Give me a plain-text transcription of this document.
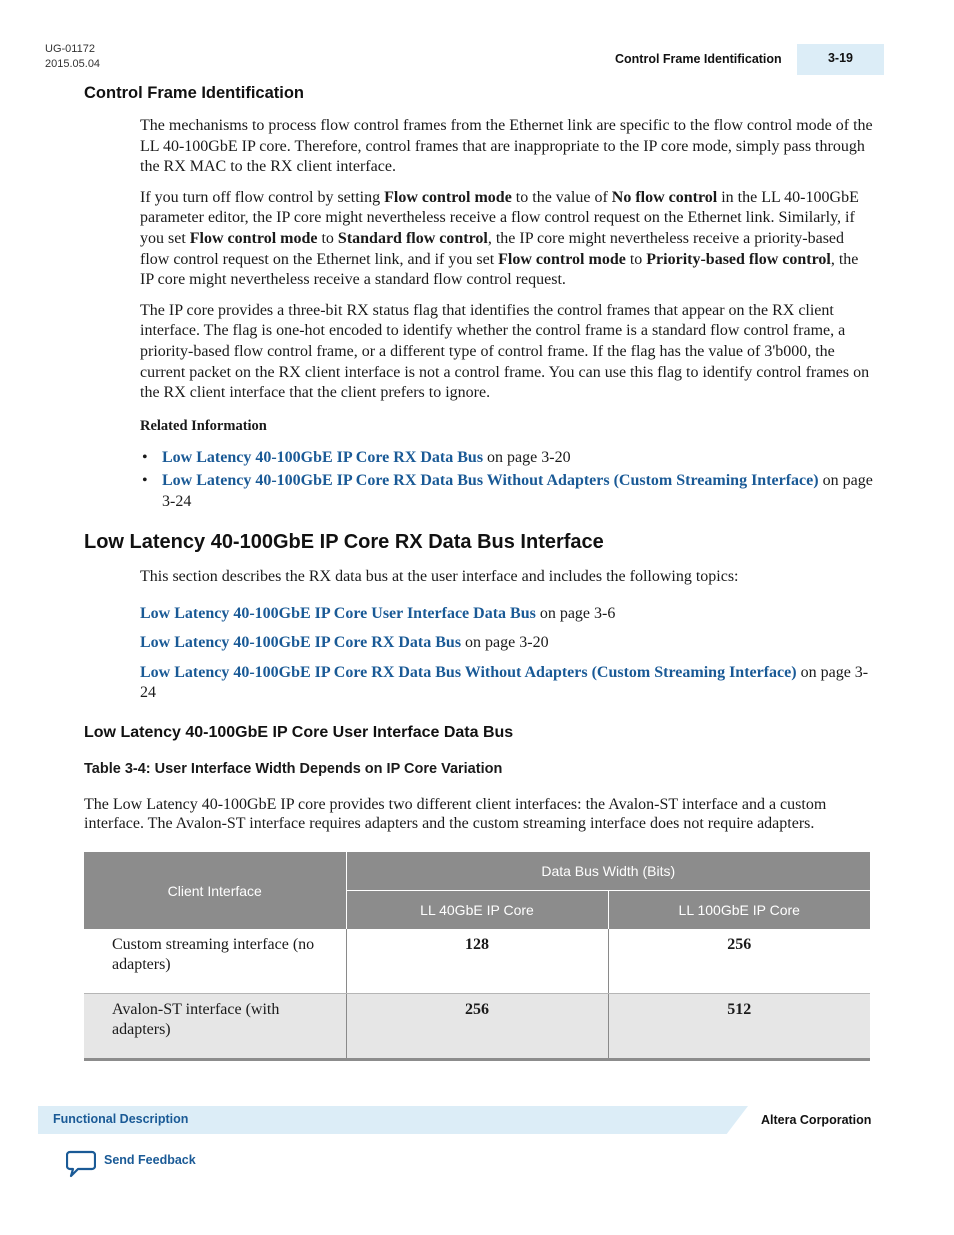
UG-01172
2015.05.04	Control Frame Identification	3-19
Control Frame Identification

The mechanisms to process flow control frames from the Ethernet link are specific to the flow control mode of the LL 40-100GbE IP core. Therefore, control frames that are inappropriate to the IP core mode, simply pass through the RX MAC to the RX client interface.

If you turn off flow control by setting Flow control mode to the value of No flow control in the LL 40-100GbE parameter editor, the IP core might nevertheless receive a flow control request on the Ethernet link. Similarly, if you set Flow control mode to Standard flow control, the IP core might nevertheless receive a priority-based flow control request on the Ethernet link, and if you set Flow control mode to Priority-based flow control, the IP core might nevertheless receive a standard flow control request.

The IP core provides a three-bit RX status flag that identifies the control frames that appear on the RX client interface. The flag is one-hot encoded to identify whether the control frame is a standard flow control frame, a priority-based flow control frame, or a different type of control frame. If the flag has the value of 3'b000, the current packet on the RX client interface is not a control frame. You can use this flag to identify control frames on the RX client interface that the client prefers to ignore.

Related Information

• Low Latency 40-100GbE IP Core RX Data Bus on page 3-20
• Low Latency 40-100GbE IP Core RX Data Bus Without Adapters (Custom Streaming Interface) on page 3-24
Low Latency 40-100GbE IP Core RX Data Bus Interface

This section describes the RX data bus at the user interface and includes the following topics:

Low Latency 40-100GbE IP Core User Interface Data Bus on page 3-6

Low Latency 40-100GbE IP Core RX Data Bus on page 3-20

Low Latency 40-100GbE IP Core RX Data Bus Without Adapters (Custom Streaming Interface) on page 3-24

Low Latency 40-100GbE IP Core User Interface Data Bus
Table 3-4: User Interface Width Depends on IP Core Variation

The Low Latency 40-100GbE IP core provides two different client interfaces: the Avalon-ST interface and a custom interface. The Avalon-ST interface requires adapters and the custom streaming interface does not require adapters.

Client Interface	Data Bus Width (Bits)	
	LL 40GbE IP Core	LL 100GbE IP Core
Custom streaming interface (no adapters)	128	256
Avalon-ST interface (with adapters)	256	512
Functional Description	Altera Corporation
Send Feedback
